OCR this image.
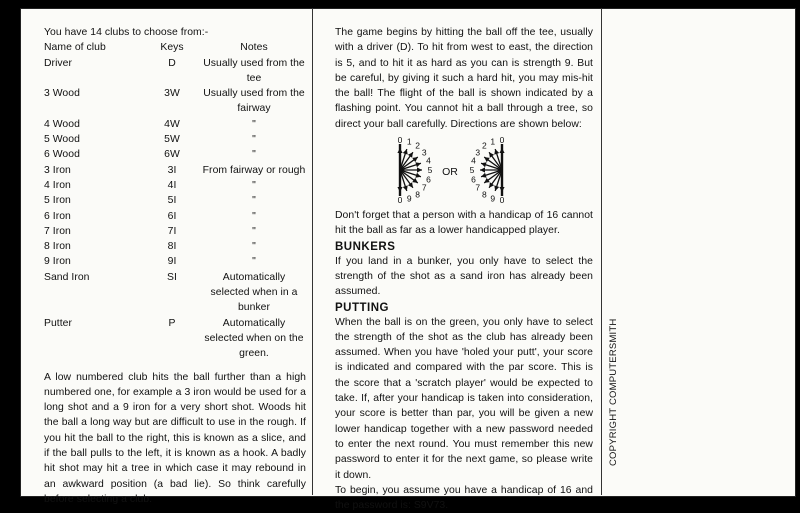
You have 14 clubs to choose from:-
Name of club	Keys	Notes
Driver	D	Usually used from the tee
3 Wood	3W	Usually used from the fairway
4 Wood	4W	"
5 Wood	5W	"
6 Wood	6W	"
3 Iron	3I	From fairway or rough
4 Iron	4I	"
5 Iron	5I	"
6 Iron	6I	"
7 Iron	7I	"
8 Iron	8I	"
9 Iron	9I	"
Sand Iron	SI	Automatically selected when in a bunker
Putter	P	Automatically selected when on the green.
A low numbered club hits the ball further than a high numbered one, for example a 3 iron would be used for a long shot and a 9 iron for a very short shot. Woods hit the ball a long way but are difficult to use in the rough. If you hit the ball to the right, this is known as a slice, and if the ball pulls to the left, it is known as a hook. A badly hit shot may hit a tree in which case it may rebound in an awkward position (a bad lie). So think carefully before selecting a club.

The game begins by hitting the ball off the tee, usually with a driver (D). To hit from west to east, the direction is 5, and to hit it as hard as you can is strength 9. But be careful, by giving it such a hard hit, you may mis-hit the ball! The flight of the ball is shown indicated by a flashing point. You cannot hit a ball through a tree, so direct your ball carefully. Directions are shown below:

0 1 2
3
4
5
6
7
8
9
0
0
1
2
3
4
5
6
7
8 9 0
OR

Don't forget that a person with a handicap of 16 cannot hit the ball as far as a lower handicapped player.

BUNKERS

If you land in a bunker, you only have to select the strength of the shot as a sand iron has already been assumed.

PUTTING

When the ball is on the green, you only have to select the strength of the shot as the club has already been assumed. When you have 'holed your putt', your score is indicated and compared with the par score. This is the score that a 'scratch player' would be expected to take. If, after your handicap is taken into consideration, your score is better than par, you will be given a new lower handicap together with a new password needed to enter the next round. You must remember this new password to enter it for the next game, so please write it down.

To begin, you assume you have a handicap of 16 and the password is: S9V73.

COPYRIGHT COMPUTERSMITH
